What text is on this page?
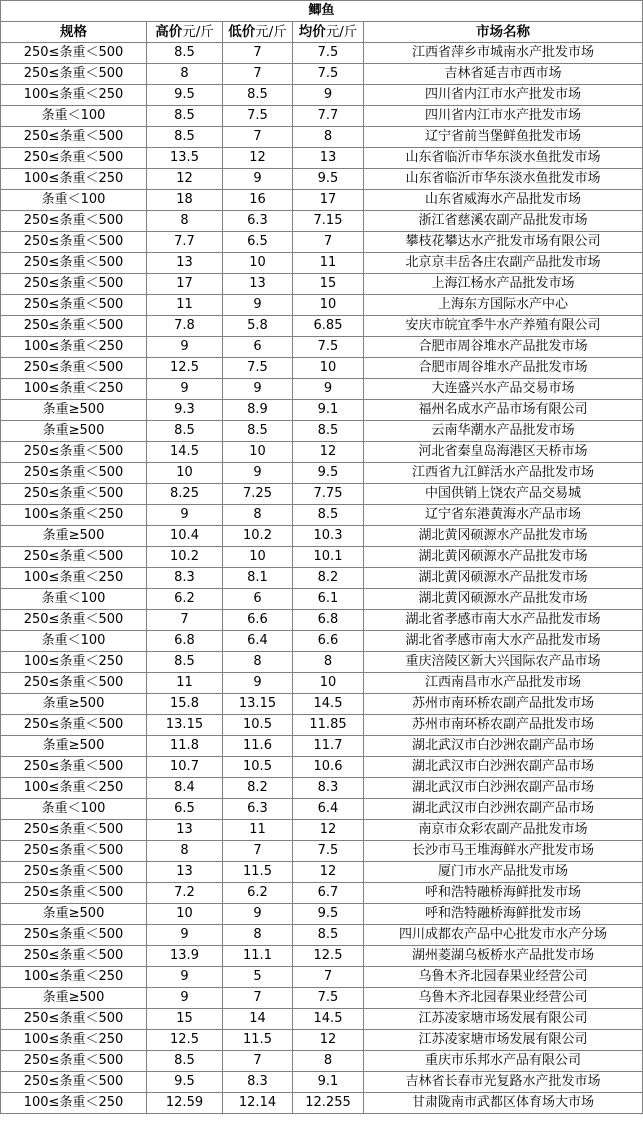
鲫鱼				
规格	高价元/斤	低价元/斤	均价元/斤	市场名称
250≤条重＜500	8.5	7	7.5	江西省萍乡市城南水产批发市场
250≤条重＜500	8	7	7.5	吉林省延吉市西市场
100≤条重＜250	9.5	8.5	9	四川省内江市水产批发市场
条重＜100	8.5	7.5	7.7	四川省内江市水产批发市场
250≤条重＜500	8.5	7	8	辽宁省前当堡鲜鱼批发市场
250≤条重＜500	13.5	12	13	山东省临沂市华东淡水鱼批发市场
100≤条重＜250	12	9	9.5	山东省临沂市华东淡水鱼批发市场
条重＜100	18	16	17	山东省威海水产品批发市场
250≤条重＜500	8	6.3	7.15	浙江省慈溪农副产品批发市场
250≤条重＜500	7.7	6.5	7	攀枝花攀达水产批发市场有限公司
250≤条重＜500	13	10	11	北京京丰岳各庄农副产品批发市场
250≤条重＜500	17	13	15	上海江杨水产品批发市场
250≤条重＜500	11	9	10	上海东方国际水产中心
250≤条重＜500	7.8	5.8	6.85	安庆市皖宜季牛水产养殖有限公司
100≤条重＜250	9	6	7.5	合肥市周谷堆水产品批发市场
250≤条重＜500	12.5	7.5	10	合肥市周谷堆水产品批发市场
100≤条重＜250	9	9	9	大连盛兴水产品交易市场
条重≥500	9.3	8.9	9.1	福州名成水产品市场有限公司
条重≥500	8.5	8.5	8.5	云南华潮水产品批发市场
250≤条重＜500	14.5	10	12	河北省秦皇岛海港区天桥市场
250≤条重＜500	10	9	9.5	江西省九江鲜活水产品批发市场
250≤条重＜500	8.25	7.25	7.75	中国供销上饶农产品交易城
100≤条重＜250	9	8	8.5	辽宁省东港黄海水产品市场
条重≥500	10.4	10.2	10.3	湖北黄冈硕源水产品批发市场
250≤条重＜500	10.2	10	10.1	湖北黄冈硕源水产品批发市场
100≤条重＜250	8.3	8.1	8.2	湖北黄冈硕源水产品批发市场
条重＜100	6.2	6	6.1	湖北黄冈硕源水产品批发市场
250≤条重＜500	7	6.6	6.8	湖北省孝感市南大水产品批发市场
条重＜100	6.8	6.4	6.6	湖北省孝感市南大水产品批发市场
100≤条重＜250	8.5	8	8	重庆涪陵区新大兴国际农产品市场
250≤条重＜500	11	9	10	江西南昌市水产品批发市场
条重≥500	15.8	13.15	14.5	苏州市南环桥农副产品批发市场
250≤条重＜500	13.15	10.5	11.85	苏州市南环桥农副产品批发市场
条重≥500	11.8	11.6	11.7	湖北武汉市白沙洲农副产品市场
250≤条重＜500	10.7	10.5	10.6	湖北武汉市白沙洲农副产品市场
100≤条重＜250	8.4	8.2	8.3	湖北武汉市白沙洲农副产品市场
条重＜100	6.5	6.3	6.4	湖北武汉市白沙洲农副产品市场
250≤条重＜500	13	11	12	南京市众彩农副产品批发市场
250≤条重＜500	8	7	7.5	长沙市马王堆海鲜水产批发市场
250≤条重＜500	13	11.5	12	厦门市水产品批发市场
250≤条重＜500	7.2	6.2	6.7	呼和浩特融桥海鲜批发市场
条重≥500	10	9	9.5	呼和浩特融桥海鲜批发市场
250≤条重＜500	9	8	8.5	四川成都农产品中心批发市水产分场
250≤条重＜500	13.9	11.1	12.5	湖州菱湖乌板桥水产品批发市场
100≤条重＜250	9	5	7	乌鲁木齐北园春果业经营公司
条重≥500	9	7	7.5	乌鲁木齐北园春果业经营公司
250≤条重＜500	15	14	14.5	江苏凌家塘市场发展有限公司
100≤条重＜250	12.5	11.5	12	江苏凌家塘市场发展有限公司
250≤条重＜500	8.5	7	8	重庆市乐邦水产品有限公司
250≤条重＜500	9.5	8.3	9.1	吉林省长春市光复路水产批发市场
100≤条重＜250	12.59	12.14	12.255	甘肃陇南市武都区体育场大市场
